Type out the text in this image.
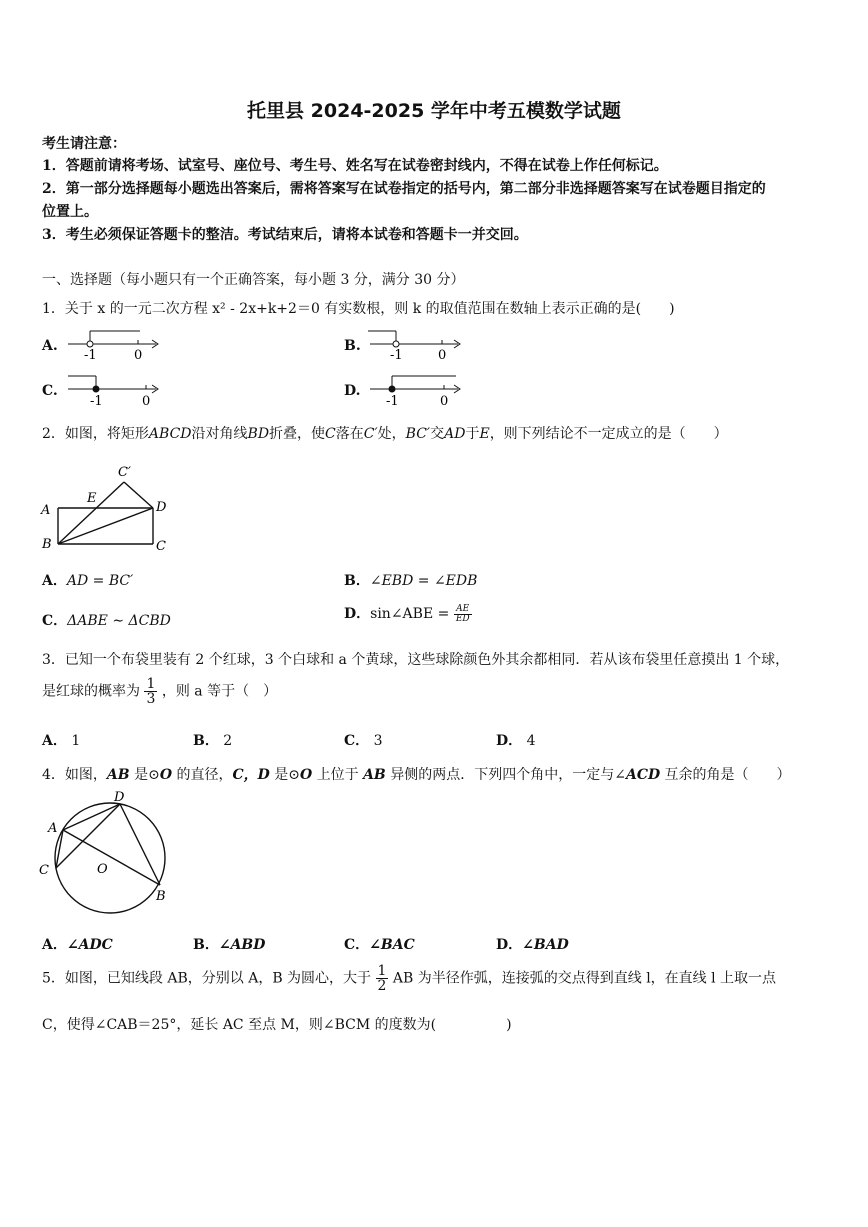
托里县 2024-2025 学年中考五模数学试题
考生请注意：
1．答题前请将考场、试室号、座位号、考生号、姓名写在试卷密封线内，不得在试卷上作任何标记。
2．第一部分选择题每小题选出答案后，需将答案写在试卷指定的括号内，第二部分非选择题答案写在试卷题目指定的
位置上。
3．考生必须保证答题卡的整洁。考试结束后，请将本试卷和答题卡一并交回。
一、选择题（每小题只有一个正确答案，每小题 3 分，满分 30 分）
1．关于 x 的一元二次方程 x² - 2x+k+2＝0 有实数根，则 k 的取值范围在数轴上表示正确的是(　　)
A.
-1	0
B.
-1	0
C.
-1	0
D.
-1	0
2．如图，将矩形ABCD沿对角线BD折叠，使C落在C′处，BC′交AD于E，则下列结论不一定成立的是（　　）
C′
E
A	D
B	C
A．AD = BC′	B．∠EBD = ∠EDB
C．ΔABE ∼ ΔCBD	D．sin∠ABE = $\frac{AE}{ED}$
3．已知一个布袋里装有 2 个红球，3 个白球和 a 个黄球，这些球除颜色外其余都相同．若从该布袋里任意摸出 1 个球，
是红球的概率为 $\frac{1}{3}$ ，则 a 等于（　）
A． 1	B． 2	C． 3	D． 4
4．如图，AB 是⊙O 的直径，C，D 是⊙O 上位于 AB 异侧的两点．下列四个角中，一定与∠ACD 互余的角是（　　）
D
A
C	O
B
A．∠ADC	B．∠ABD	C．∠BAC	D．∠BAD
5．如图，已知线段 AB，分别以 A，B 为圆心，大于 $\frac{1}{2}$ AB 为半径作弧，连接弧的交点得到直线 l，在直线 l 上取一点
C，使得∠CAB＝25°，延长 AC 至点 M，则∠BCM 的度数为(　　　　　)
